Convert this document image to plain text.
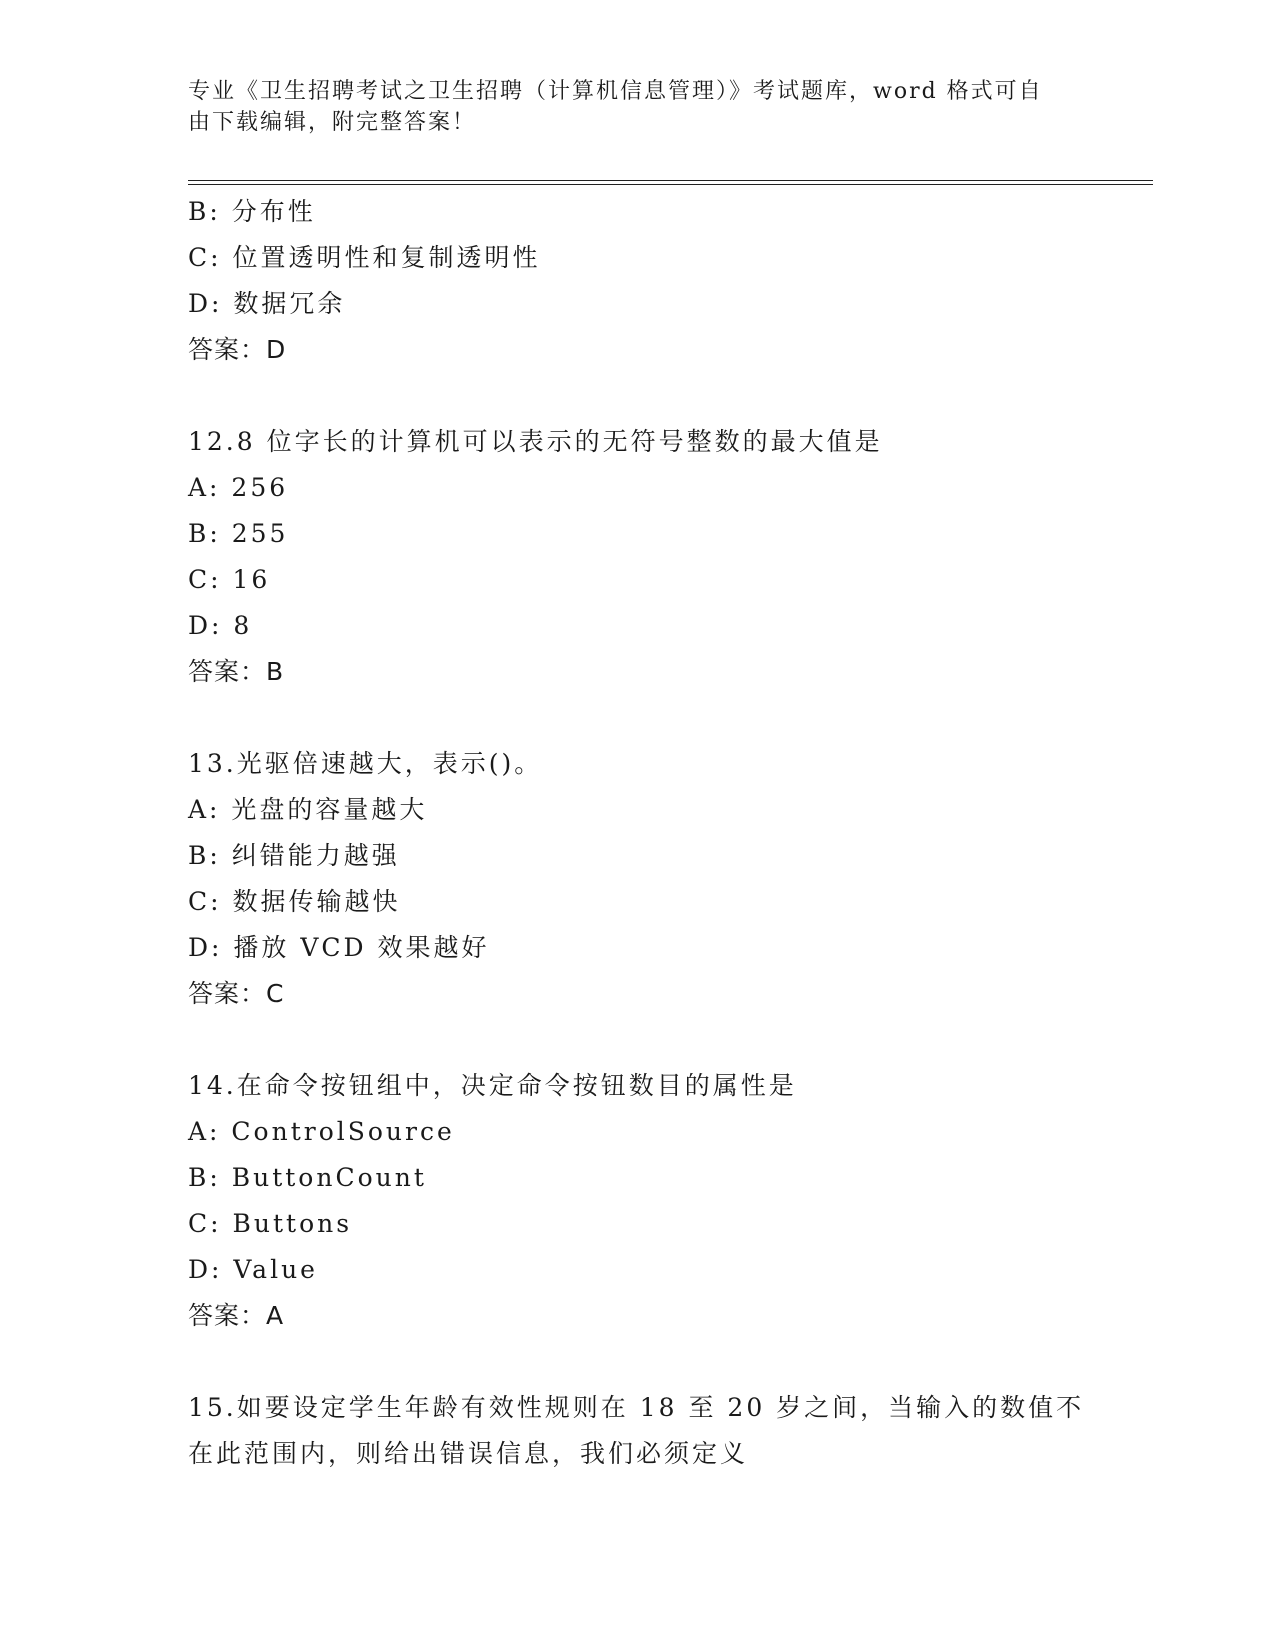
专业《卫生招聘考试之卫生招聘（计算机信息管理）》考试题库，word 格式可自
由下载编辑，附完整答案！
B: 分布性
C: 位置透明性和复制透明性
D: 数据冗余
答案：D
12.8 位字长的计算机可以表示的无符号整数的最大值是
A: 256
B: 255
C: 16
D: 8
答案：B
13.光驱倍速越大，表示()。
A: 光盘的容量越大
B: 纠错能力越强
C: 数据传输越快
D: 播放 VCD 效果越好
答案：C
14.在命令按钮组中，决定命令按钮数目的属性是
A: ControlSource
B: ButtonCount
C: Buttons
D: Value
答案：A
15.如要设定学生年龄有效性规则在 18 至 20 岁之间，当输入的数值不
在此范围内，则给出错误信息，我们必须定义
